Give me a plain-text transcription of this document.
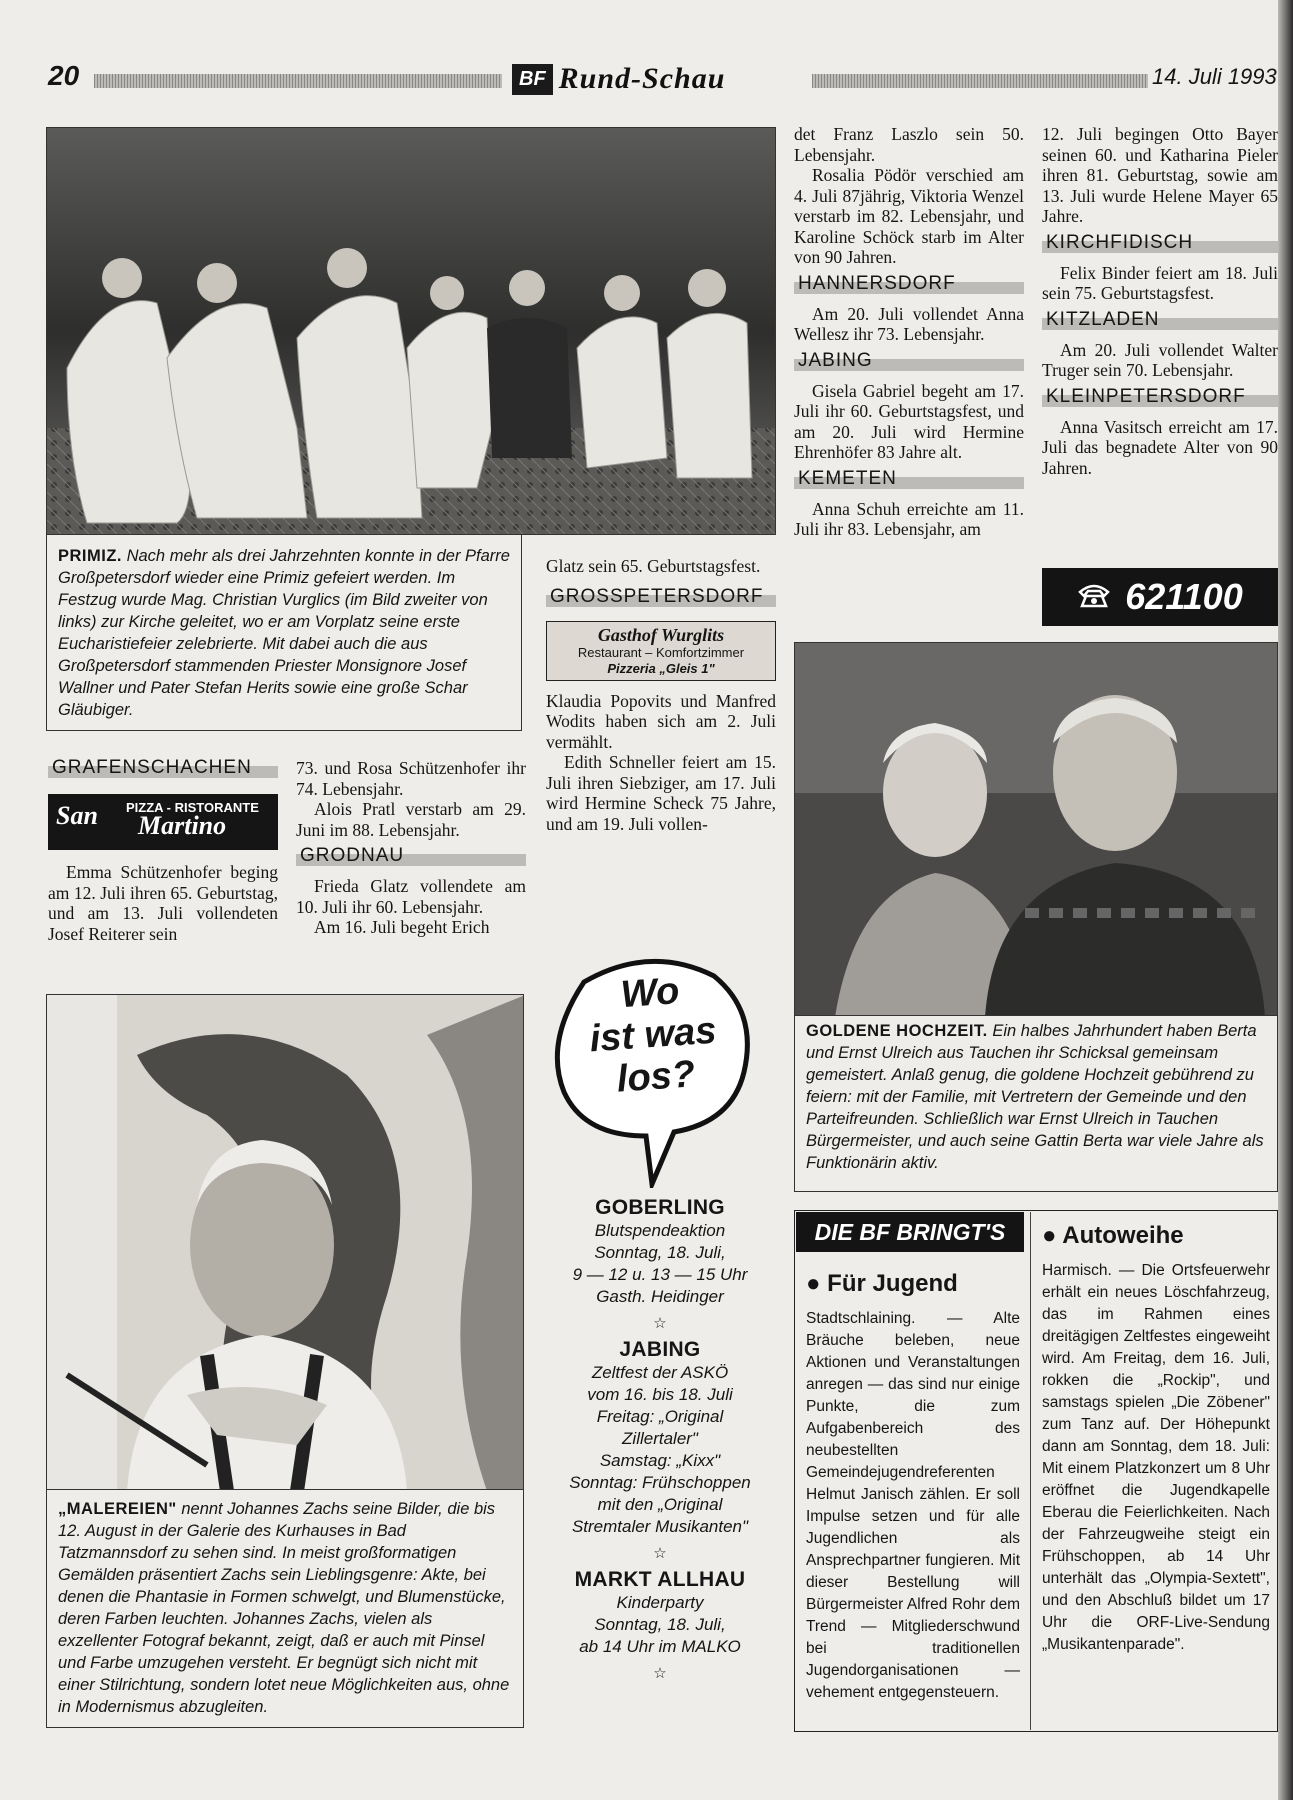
20	BF Rund-Schau	14. Juli 1993
PRIMIZ. Nach mehr als drei Jahrzehnten konnte in der Pfarre Großpetersdorf wieder eine Primiz gefeiert werden. Im Festzug wurde Mag. Christian Vurglics (im Bild zweiter von links) zur Kirche geleitet, wo er am Vorplatz seine erste Eucharistiefeier zelebrierte. Mit dabei auch die aus Großpetersdorf stammenden Priester Monsignore Josef Wallner und Pater Stefan Herits sowie eine große Schar Gläubiger.

det Franz Laszlo sein 50. Lebensjahr.

Rosalia Pödör verschied am 4. Juli 87jährig, Viktoria Wenzel verstarb im 82. Lebensjahr, und Karoline Schöck starb im Alter von 90 Jahren.

HANNERSDORF

Am 20. Juli vollendet Anna Wellesz ihr 73. Lebensjahr.

JABING

Gisela Gabriel begeht am 17. Juli ihr 60. Geburtstagsfest, und am 20. Juli wird Hermine Ehrenhöfer 83 Jahre alt.

KEMETEN

Anna Schuh erreichte am 11. Juli ihr 83. Lebensjahr, am

12. Juli begingen Otto Bayer seinen 60. und Katharina Pieler ihren 81. Geburtstag, sowie am 13. Juli wurde Helene Mayer 65 Jahre.

KIRCHFIDISCH

Felix Binder feiert am 18. Juli sein 75. Geburtstagsfest.

KITZLADEN

Am 20. Juli vollendet Walter Truger sein 70. Lebensjahr.

KLEINPETERSDORF

Anna Vasitsch erreicht am 17. Juli das begnadete Alter von 90 Jahren.

621100

Glatz sein 65. Geburtstagsfest.

GROSSPETERSDORF
Gasthof Wurglits
Restaurant – Komfortzimmer
Pizzeria „Gleis 1"

Klaudia Popovits und Manfred Wodits haben sich am 2. Juli vermählt.

Edith Schneller feiert am 15. Juli ihren Siebziger, am 17. Juli wird Hermine Scheck 75 Jahre, und am 19. Juli vollen-

GRAFENSCHACHEN
PIZZA - RISTORANTE
San Martino

Emma Schützenhofer beging am 12. Juli ihren 65. Geburtstag, und am 13. Juli vollendeten Josef Reiterer sein

73. und Rosa Schützenhofer ihr 74. Lebensjahr.

Alois Pratl verstarb am 29. Juni im 88. Lebensjahr.

GRODNAU

Frieda Glatz vollendete am 10. Juli ihr 60. Lebensjahr.

Am 16. Juli begeht Erich

GOLDENE HOCHZEIT. Ein halbes Jahrhundert haben Berta und Ernst Ulreich aus Tauchen ihr Schicksal gemeinsam gemeistert. Anlaß genug, die goldene Hochzeit gebührend zu feiern: mit der Familie, mit Vertretern der Gemeinde und den Parteifreunden. Schließlich war Ernst Ulreich in Tauchen Bürgermeister, und auch seine Gattin Berta war viele Jahre als Funktionärin aktiv.
„MALEREIEN" nennt Johannes Zachs seine Bilder, die bis 12. August in der Galerie des Kurhauses in Bad Tatzmannsdorf zu sehen sind. In meist großformatigen Gemälden präsentiert Zachs sein Lieblingsgenre: Akte, bei denen die Phantasie in Formen schwelgt, und Blumenstücke, deren Farben leuchten. Johannes Zachs, vielen als exzellenter Fotograf bekannt, zeigt, daß er auch mit Pinsel und Farbe umzugehen versteht. Er begnügt sich nicht mit einer Stilrichtung, sondern lotet neue Möglichkeiten aus, ohne in Modernismus abzugleiten.
Wo
ist was
los?
GOBERLING
Blutspendeaktion
Sonntag, 18. Juli,
9 — 12 u. 13 — 15 Uhr
Gasth. Heidinger
☆
JABING
Zeltfest der ASKÖ
vom 16. bis 18. Juli
Freitag: „Original
Zillertaler"
Samstag: „Kixx"
Sonntag: Frühschoppen
mit den „Original
Stremtaler Musikanten"
☆
MARKT ALLHAU
Kinderparty
Sonntag, 18. Juli,
ab 14 Uhr im MALKO
☆
DIE BF BRINGT'S
● Für Jugend
Stadtschlaining. — Alte Bräuche beleben, neue Aktionen und Veranstaltungen anregen — das sind nur einige Punkte, die zum Aufgabenbereich des neubestellten Gemeindejugendreferenten Helmut Janisch zählen. Er soll Impulse setzen und für alle Jugendlichen als Ansprechpartner fungieren. Mit dieser Bestellung will Bürgermeister Alfred Rohr dem Trend — Mitgliederschwund bei traditionellen Jugendorganisationen — vehement entgegensteuern.
● Autoweihe
Harmisch. — Die Ortsfeuerwehr erhält ein neues Löschfahrzeug, das im Rahmen eines dreitägigen Zeltfestes eingeweiht wird. Am Freitag, dem 16. Juli, rokken die „Rockip", und samstags spielen „Die Zöbener" zum Tanz auf. Der Höhepunkt dann am Sonntag, dem 18. Juli: Mit einem Platzkonzert um 8 Uhr eröffnet die Jugendkapelle Eberau die Feierlichkeiten. Nach der Fahrzeugweihe steigt ein Frühschoppen, ab 14 Uhr unterhält das „Olympia-Sextett", und den Abschluß bildet um 17 Uhr die ORF-Live-Sendung „Musikantenparade".
